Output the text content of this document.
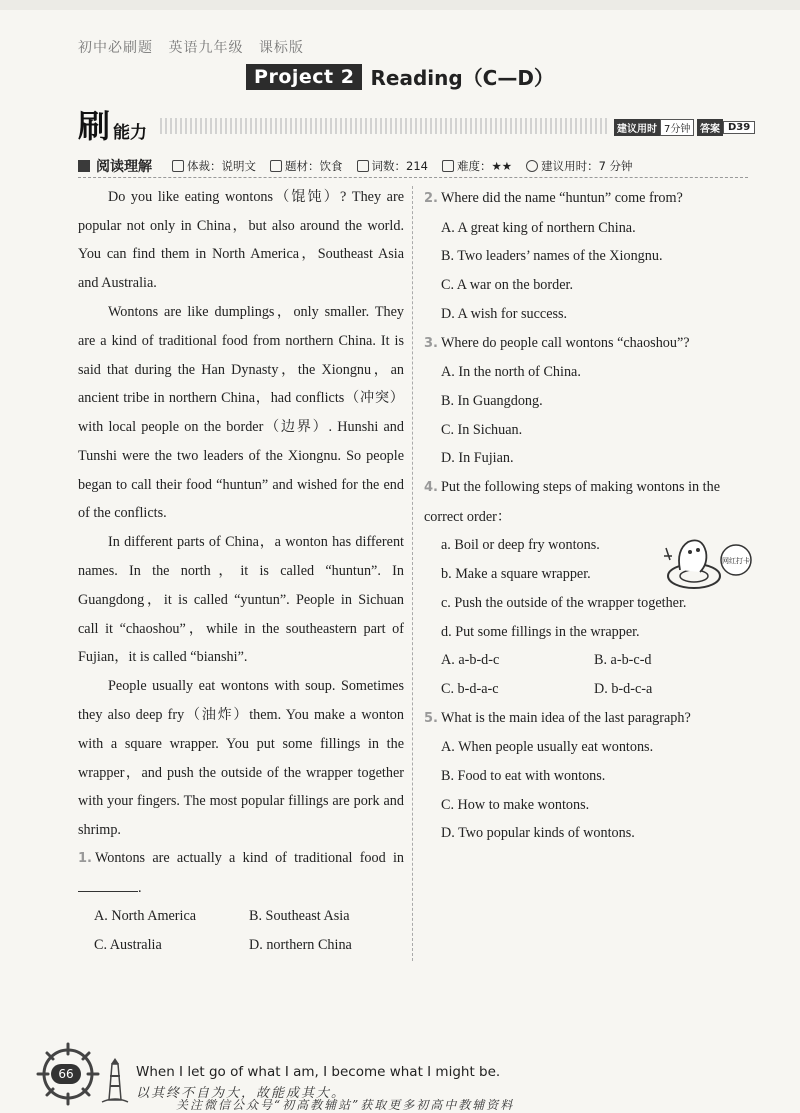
初中必刷题 英语九年级 课标版
Project 2 Reading（C—D）
刷 能力	建议用时 7分钟 答案 D39
阅读理解	体裁：说明文	题材：饮食	词数：214	难度：★★	建议用时：7 分钟

Do you like eating wontons（馄饨）? They are popular not only in China，but also around the world. You can find them in North America，Southeast Asia and Australia.

Wontons are like dumplings，only smaller. They are a kind of traditional food from northern China. It is said that during the Han Dynasty，the Xiongnu，an ancient tribe in northern China，had conflicts（冲突）with local people on the border（边界）. Hunshi and Tunshi were the two leaders of the Xiongnu. So people began to call their food “huntun” and wished for the end of the conflicts.

In different parts of China，a wonton has different names. In the north，it is called “huntun”. In Guangdong，it is called “yuntun”. People in Sichuan call it “chaoshou”，while in the southeastern part of Fujian，it is called “bianshi”.

People usually eat wontons with soup. Sometimes they also deep fry（油炸）them. You make a wonton with a square wrapper. You put some fillings in the wrapper，and push the outside of the wrapper together with your fingers. The most popular fillings are pork and shrimp.

1. Wontons are actually a kind of traditional food in .
A. North America	B. Southeast Asia
C. Australia	D. northern China
2. Where did the name “huntun” come from?
A. A great king of northern China.
B. Two leaders’ names of the Xiongnu.
C. A war on the border.
D. A wish for success.
3. Where do people call wontons “chaoshou”?
A. In the north of China.
B. In Guangdong.
C. In Sichuan.
D. In Fujian.
4. Put the following steps of making wontons in the correct order：
a. Boil or deep fry wontons.
b. Make a square wrapper.
c. Push the outside of the wrapper together.
d. Put some fillings in the wrapper.
A. a-b-d-c	B. a-b-c-d
C. b-d-a-c	D. b-d-c-a
5. What is the main idea of the last paragraph?
A. When people usually eat wontons.
B. Food to eat with wontons.
C. How to make wontons.
D. Two popular kinds of wontons.
网红打卡
66	When I let go of what I am, I become what I might be.
以其终不自为大，故能成其大。
关注微信公众号“初高教辅站”获取更多初高中教辅资料
